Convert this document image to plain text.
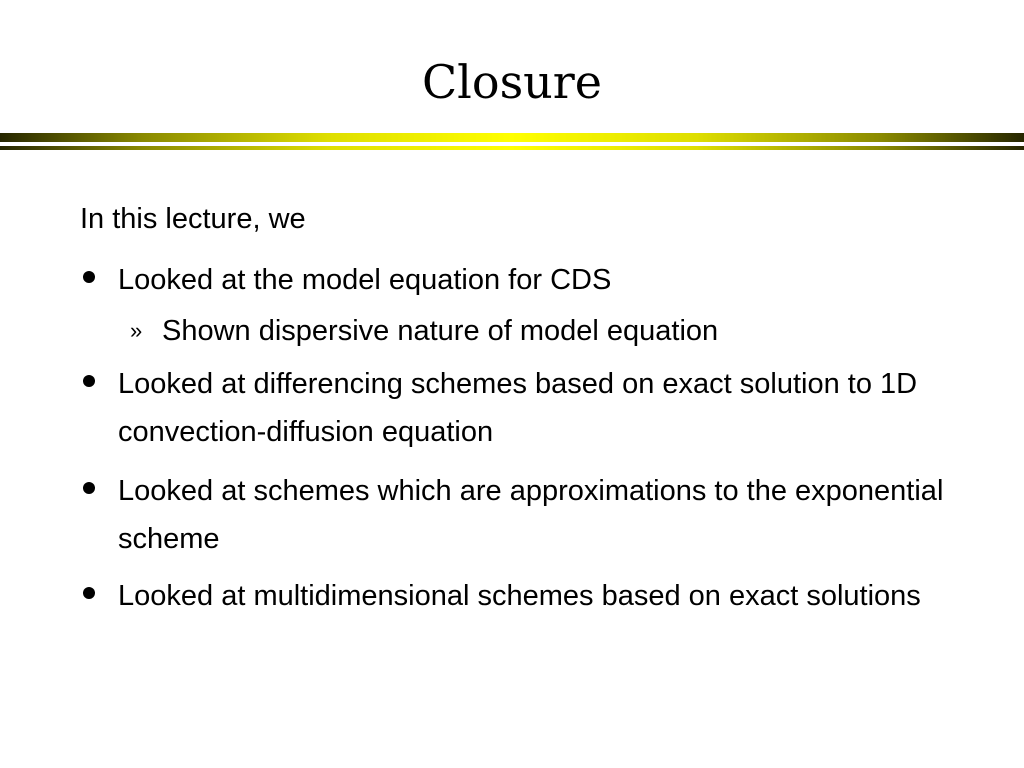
Closure
In this lecture, we
Looked at the model equation for CDS
» Shown dispersive nature of model equation
Looked at differencing schemes based on exact solution to 1D convection-diffusion equation
Looked at schemes which are approximations to the exponential scheme
Looked at multidimensional schemes based on exact solutions
